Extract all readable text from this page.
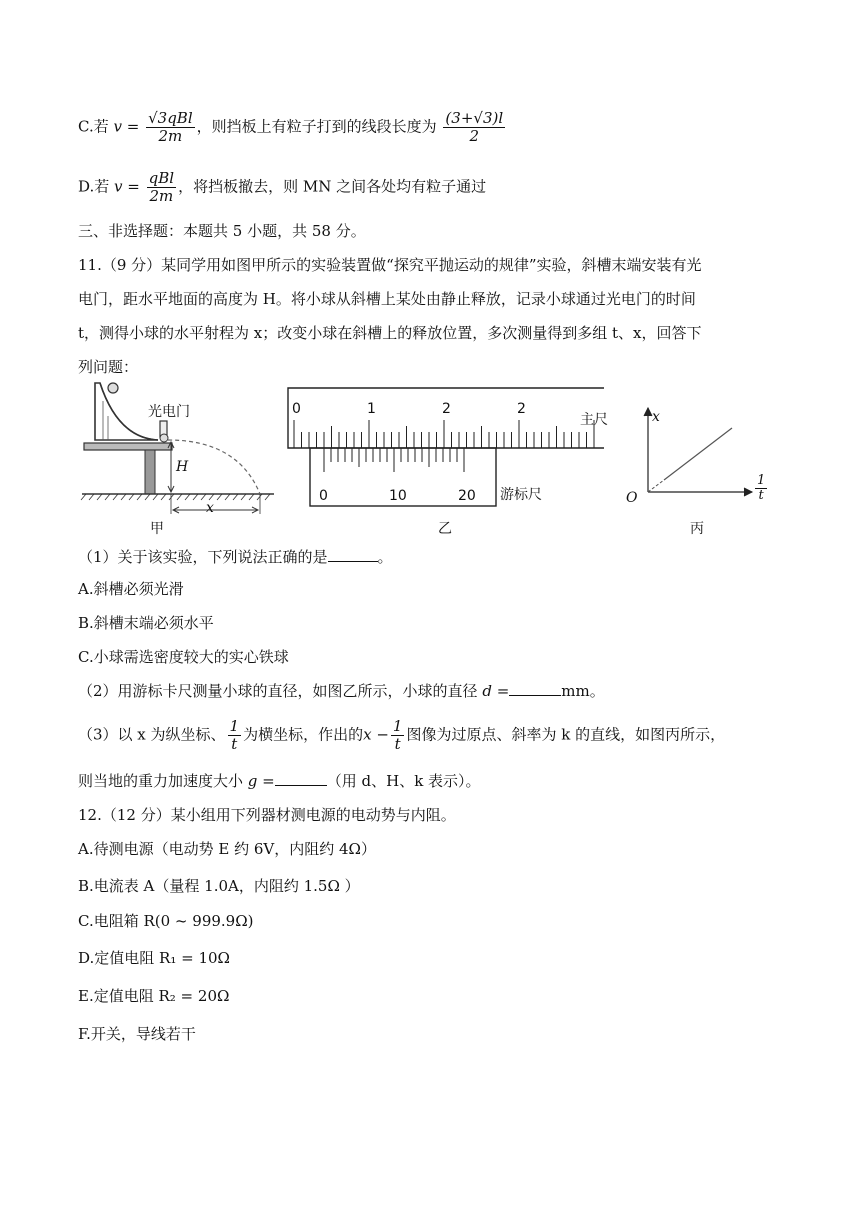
C.若 $v = \frac{\text{√3qBl}}{2m}$ ，则挡板上有粒子打到的线段长度为 $\frac{(3+√3)l}{2}$
D.若 $v = \frac{\text{qBl}}{2m}$ ，将挡板撤去，则 MN 之间各处均有粒子通过
三、非选择题：本题共 5 小题，共 58 分。
11.（9 分）某同学用如图甲所示的实验装置做“探究平抛运动的规律”实验，斜槽末端安装有光
电门，距水平地面的高度为 H。将小球从斜槽上某处由静止释放，记录小球通过光电门的时间
t，测得小球的水平射程为 x；改变小球在斜槽上的释放位置，多次测量得到多组 t、x，回答下
列问题：
光电门
H
x
甲
0	1	2	2
主尺
0	10	20 游标尺
乙
x
O
1
t
丙
（1）关于该实验，下列说法正确的是	。
A.斜槽必须光滑
B.斜槽末端必须水平
C.小球需选密度较大的实心铁球
（2）用游标卡尺测量小球的直径，如图乙所示，小球的直径 d =	mm。
（3）以 x 为纵坐标、 $\frac{1}{t}$ 为横坐标，作出的$x - \frac{1}{t}$ 图像为过原点、斜率为 k 的直线，如图丙所示，
则当地的重力加速度大小 g =	（用 d、H、k 表示）。
12.（12 分）某小组用下列器材测电源的电动势与内阻。
A.待测电源（电动势 E 约 6V，内阻约 4Ω）
B.电流表 A（量程 1.0A，内阻约 1.5Ω ）
C.电阻箱 R(0 ~ 999.9Ω)
D.定值电阻 R₁ = 10Ω
E.定值电阻 R₂ = 20Ω
F.开关，导线若干
